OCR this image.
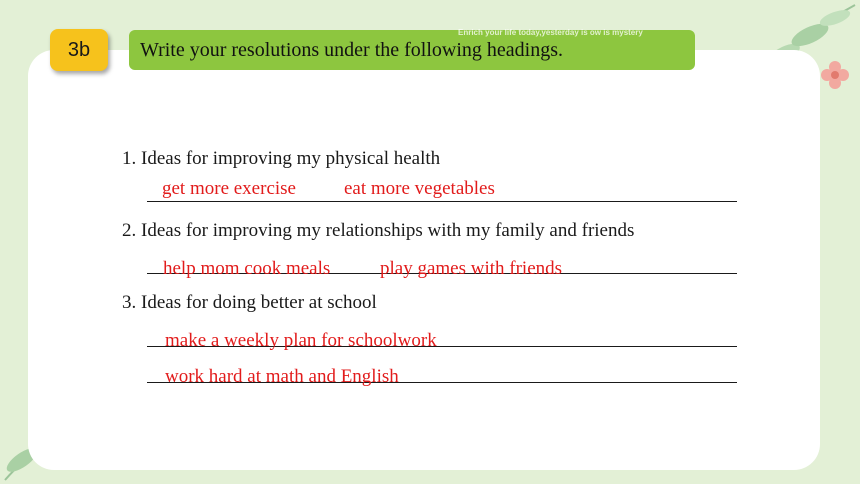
3b
Enrich your life today,yesterday is ow is mystery
Write your resolutions under the following headings.
1. Ideas for improving my physical health
get more exercise	eat more vegetables
2. Ideas for improving my relationships with my family and friends
help mom cook meals	play games with friends
3. Ideas for doing better at school
make a weekly plan for schoolwork
work hard at math and English
